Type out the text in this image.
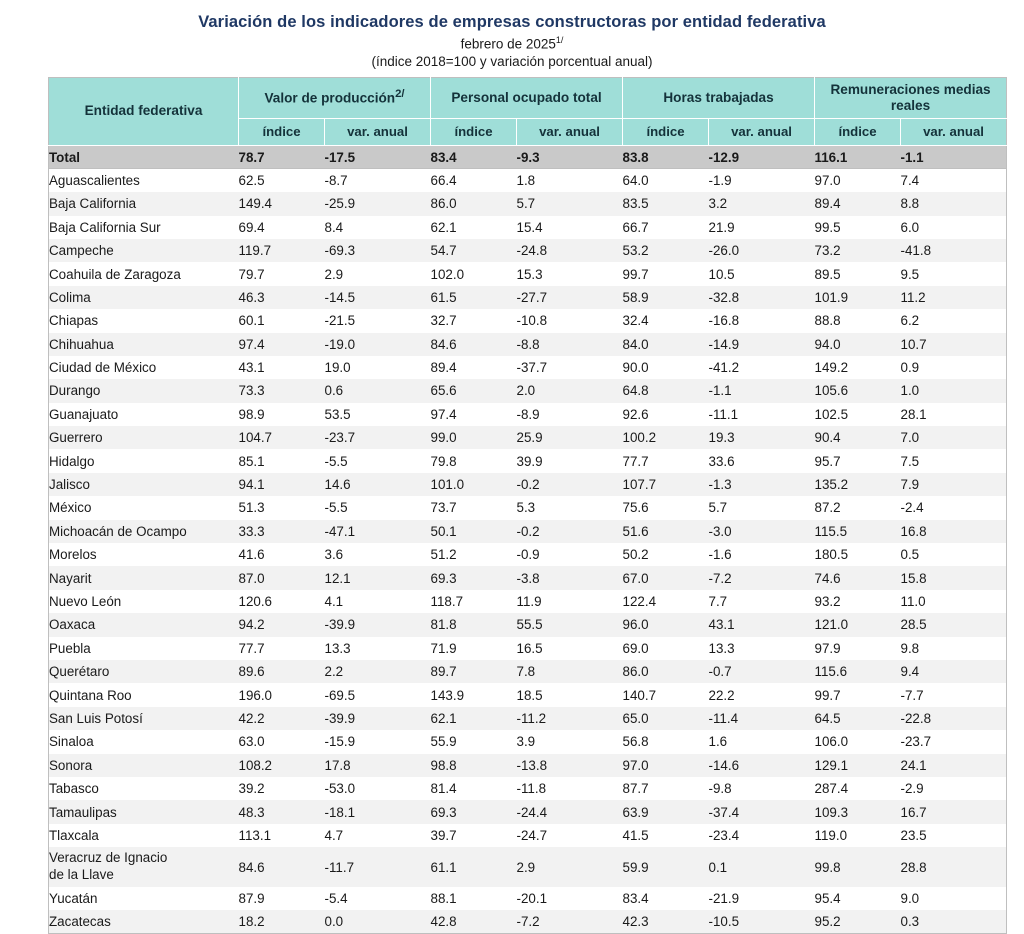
Variación de los indicadores de empresas constructoras por entidad federativa
febrero de $2025^{1/}$
(índice 2018=100 y variación porcentual anual)
Entidad federativa	Valor de producción$^{2/}$		Personal ocupado total		Horas trabajadas		Remuneraciones medias reales	
	índice	var. anual	índice	var. anual	índice	var. anual	índice	var. anual
Total	78.7	-17.5	83.4	-9.3	83.8	-12.9	116.1	-1.1
Aguascalientes	62.5	-8.7	66.4	1.8	64.0	-1.9	97.0	7.4
Baja California	149.4	-25.9	86.0	5.7	83.5	3.2	89.4	8.8
Baja California Sur	69.4	8.4	62.1	15.4	66.7	21.9	99.5	6.0
Campeche	119.7	-69.3	54.7	-24.8	53.2	-26.0	73.2	-41.8
Coahuila de Zaragoza	79.7	2.9	102.0	15.3	99.7	10.5	89.5	9.5
Colima	46.3	-14.5	61.5	-27.7	58.9	-32.8	101.9	11.2
Chiapas	60.1	-21.5	32.7	-10.8	32.4	-16.8	88.8	6.2
Chihuahua	97.4	-19.0	84.6	-8.8	84.0	-14.9	94.0	10.7
Ciudad de México	43.1	19.0	89.4	-37.7	90.0	-41.2	149.2	0.9
Durango	73.3	0.6	65.6	2.0	64.8	-1.1	105.6	1.0
Guanajuato	98.9	53.5	97.4	-8.9	92.6	-11.1	102.5	28.1
Guerrero	104.7	-23.7	99.0	25.9	100.2	19.3	90.4	7.0
Hidalgo	85.1	-5.5	79.8	39.9	77.7	33.6	95.7	7.5
Jalisco	94.1	14.6	101.0	-0.2	107.7	-1.3	135.2	7.9
México	51.3	-5.5	73.7	5.3	75.6	5.7	87.2	-2.4
Michoacán de Ocampo	33.3	-47.1	50.1	-0.2	51.6	-3.0	115.5	16.8
Morelos	41.6	3.6	51.2	-0.9	50.2	-1.6	180.5	0.5
Nayarit	87.0	12.1	69.3	-3.8	67.0	-7.2	74.6	15.8
Nuevo León	120.6	4.1	118.7	11.9	122.4	7.7	93.2	11.0
Oaxaca	94.2	-39.9	81.8	55.5	96.0	43.1	121.0	28.5
Puebla	77.7	13.3	71.9	16.5	69.0	13.3	97.9	9.8
Querétaro	89.6	2.2	89.7	7.8	86.0	-0.7	115.6	9.4
Quintana Roo	196.0	-69.5	143.9	18.5	140.7	22.2	99.7	-7.7
San Luis Potosí	42.2	-39.9	62.1	-11.2	65.0	-11.4	64.5	-22.8
Sinaloa	63.0	-15.9	55.9	3.9	56.8	1.6	106.0	-23.7
Sonora	108.2	17.8	98.8	-13.8	97.0	-14.6	129.1	24.1
Tabasco	39.2	-53.0	81.4	-11.8	87.7	-9.8	287.4	-2.9
Tamaulipas	48.3	-18.1	69.3	-24.4	63.9	-37.4	109.3	16.7
Tlaxcala	113.1	4.7	39.7	-24.7	41.5	-23.4	119.0	23.5

Veracruz de Ignacio
de la Llave	84.6	-11.7	61.1	2.9	59.9	0.1	99.8	28.8
Yucatán	87.9	-5.4	88.1	-20.1	83.4	-21.9	95.4	9.0
Zacatecas	18.2	0.0	42.8	-7.2	42.3	-10.5	95.2	0.3
